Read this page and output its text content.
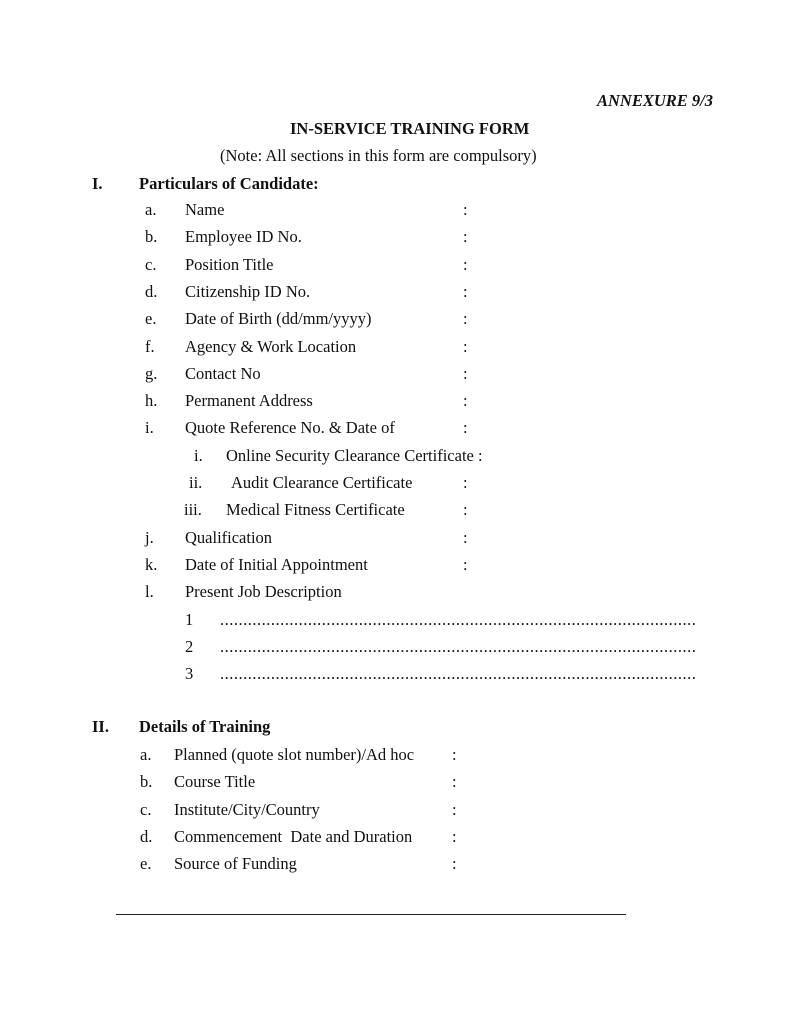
ANNEXURE 9/3
IN-SERVICE TRAINING FORM
(Note: All sections in this form are compulsory)
I. Particulars of Candidate:
a. Name	:
b. Employee ID No.	:
c. Position Title	:
d. Citizenship ID No.	:
e. Date of Birth (dd/mm/yyyy)	:
f. Agency & Work Location	:
g. Contact No	:
h. Permanent Address	:
i. Quote Reference No. & Date of	:
i. Online Security Clearance Certificate :
ii. Audit Clearance Certificate	:
iii. Medical Fitness Certificate	:
j. Qualification	:
k. Date of Initial Appointment	:
l. Present Job Description
1 .......................................................................................................
2 .......................................................................................................
3 .......................................................................................................
a. Planned (quote slot number)/Ad hoc :
b. Course Title	:
c. Institute/City/Country	:
d. Commencement  Date and Duration :
e. Source of Funding	:
II. Details of Training
